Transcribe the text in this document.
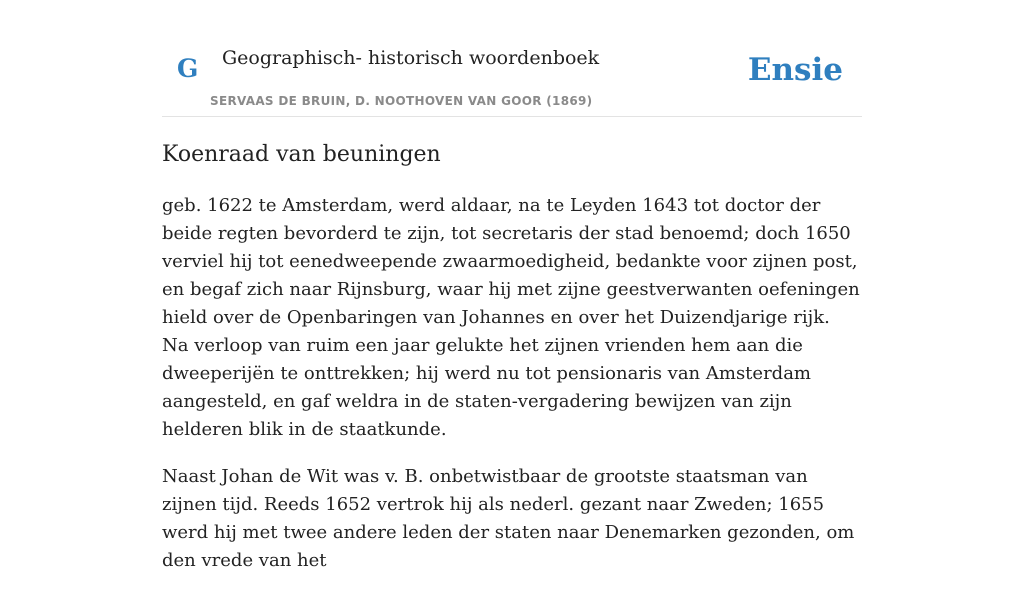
G Geographisch- historisch woordenboek
SERVAAS DE BRUIN, D. NOOTHOVEN VAN GOOR (1869)
Ensie
Koenraad van beuningen

geb. 1622 te Amsterdam, werd aldaar, na te Leyden 1643 tot doctor der beide regten bevorderd te zijn, tot secretaris der stad benoemd; doch 1650 verviel hij tot eenedweepende zwaarmoedigheid, bedankte voor zijnen post, en begaf zich naar Rijnsburg, waar hij met zijne geestverwanten oefeningen hield over de Openbaringen van Johannes en over het Duizendjarige rijk. Na verloop van ruim een jaar gelukte het zijnen vrienden hem aan die dweeperijën te onttrekken; hij werd nu tot pensionaris van Amsterdam aangesteld, en gaf weldra in de staten-vergadering bewijzen van zijn helderen blik in de staatkunde.

Naast Johan de Wit was v. B. onbetwistbaar de grootste staatsman van zijnen tijd. Reeds 1652 vertrok hij als nederl. gezant naar Zweden; 1655 werd hij met twee andere leden der staten naar Denemarken gezonden, om den vrede van het
